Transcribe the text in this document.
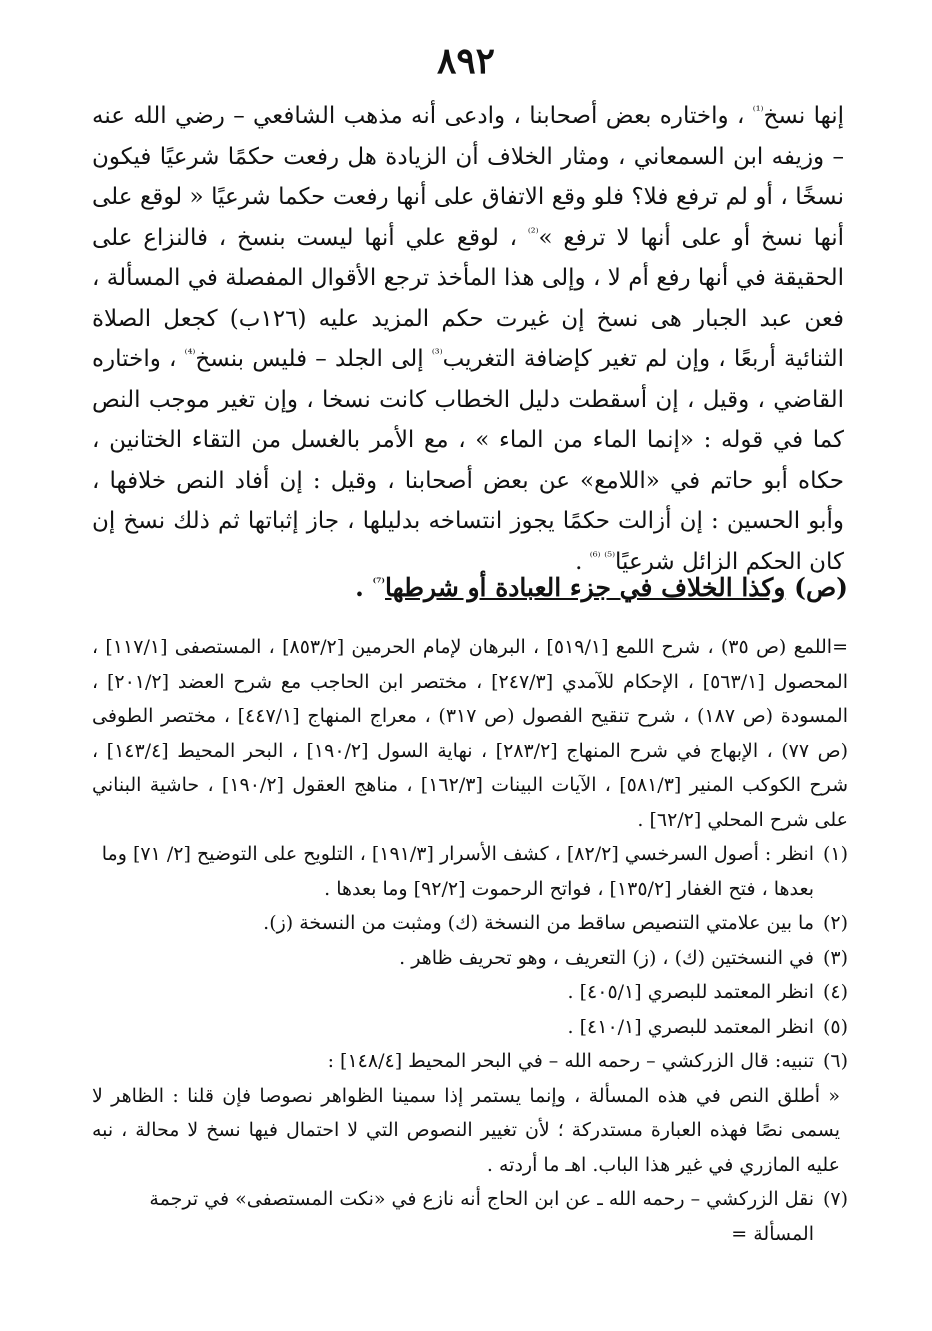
٨٩٢

إنها نسخ$^{^{(1)}}$ ، واختاره بعض أصحابنا ، وادعى أنه مذهب الشافعي – رضي الله عنه – وزيفه ابن السمعاني ، ومثار الخلاف أن الزيادة هل رفعت حكمًا شرعيًا فيكون نسخًا ، أو لم ترفع فلا؟ فلو وقع الاتفاق على أنها رفعت حكما شرعيًا « لوقع على أنها نسخ أو على أنها لا ترفع »$^{^{(2)}}$ ، لوقع علي أنها ليست بنسخ ، فالنزاع على الحقيقة في أنها رفع أم لا ، وإلى هذا المأخذ ترجع الأقوال المفصلة في المسألة ، فعن عبد الجبار هى نسخ إن غيرت حكم المزيد عليه (١٢٦ب) كجعل الصلاة الثنائية أربعًا ، وإن لم تغير كإضافة التغريب$^{^{(3)}}$ إلى الجلد – فليس بنسخ$^{^{(4)}}$ ، واختاره القاضي ، وقيل ، إن أسقطت دليل الخطاب كانت نسخا ، وإن تغير موجب النص كما في قوله : «إنما الماء من الماء » ، مع الأمر بالغسل من التقاء الختانين ، حكاه أبو حاتم في «اللامع» عن بعض أصحابنا ، وقيل : إن أفاد النص خلافها ، وأبو الحسين : إن أزالت حكمًا يجوز انتساخه بدليلها ، جاز إثباتها ثم ذلك نسخ إن كان الحكم الزائل شرعيًا$^{^{(5)} ^{(6)}}$ .

(ص) وكذا الخلاف في جزء العبادة أو شرطها$^{^{(7)}}$ .

=اللمع (ص ٣٥) ، شرح اللمع [٥١٩/١] ، البرهان لإمام الحرمين [٨٥٣/٢] ، المستصفى [١١٧/١] ، المحصول [٥٦٣/١] ، الإحكام للآمدي [٢٤٧/٣] ، مختصر ابن الحاجب مع شرح العضد [٢٠١/٢] ، المسودة (ص ١٨٧) ، شرح تنقيح الفصول (ص ٣١٧) ، معراج المنهاج [٤٤٧/١] ، مختصر الطوفى (ص ٧٧) ، الإبهاج في شرح المنهاج [٢٨٣/٢] ، نهاية السول [١٩٠/٢] ، البحر المحيط [١٤٣/٤] ، شرح الكوكب المنير [٥٨١/٣] ، الآيات البينات [١٦٢/٣] ، مناهج العقول [١٩٠/٢] ، حاشية البناني على شرح المحلي [٦٢/٢] .

(١)
انظر : أصول السرخسي [٨٢/٢] ، كشف الأسرار [١٩١/٣] ، التلويح على التوضيح [٢/ ٧١] وما بعدها ، فتح الغفار [١٣٥/٢] ، فواتح الرحموت [٩٢/٢] وما بعدها .
(٢)
ما بين علامتي التنصيص ساقط من النسخة (ك) ومثبت من النسخة (ز).
(٣)
في النسختين (ك) ، (ز) التعريف ، وهو تحريف ظاهر .
(٤)
انظر المعتمد للبصري [٤٠٥/١] .
(٥)
انظر المعتمد للبصري [٤١٠/١] .
(٦)
تنبيه: قال الزركشي – رحمه الله – في البحر المحيط [١٤٨/٤] :

« أطلق النص في هذه المسألة ، وإنما يستمر إذا سمينا الظواهر نصوصا فإن قلنا : الظاهر لا يسمى نصًا فهذه العبارة مستدركة ؛ لأن تغيير النصوص التي لا احتمال فيها نسخ لا محالة ، نبه عليه المازري في غير هذا الباب. اهـ ما أردته .

(٧)
نقل الزركشي – رحمه الله ـ عن ابن الحاج أنه نازع في «نكت المستصفى» في ترجمة المسألة =
